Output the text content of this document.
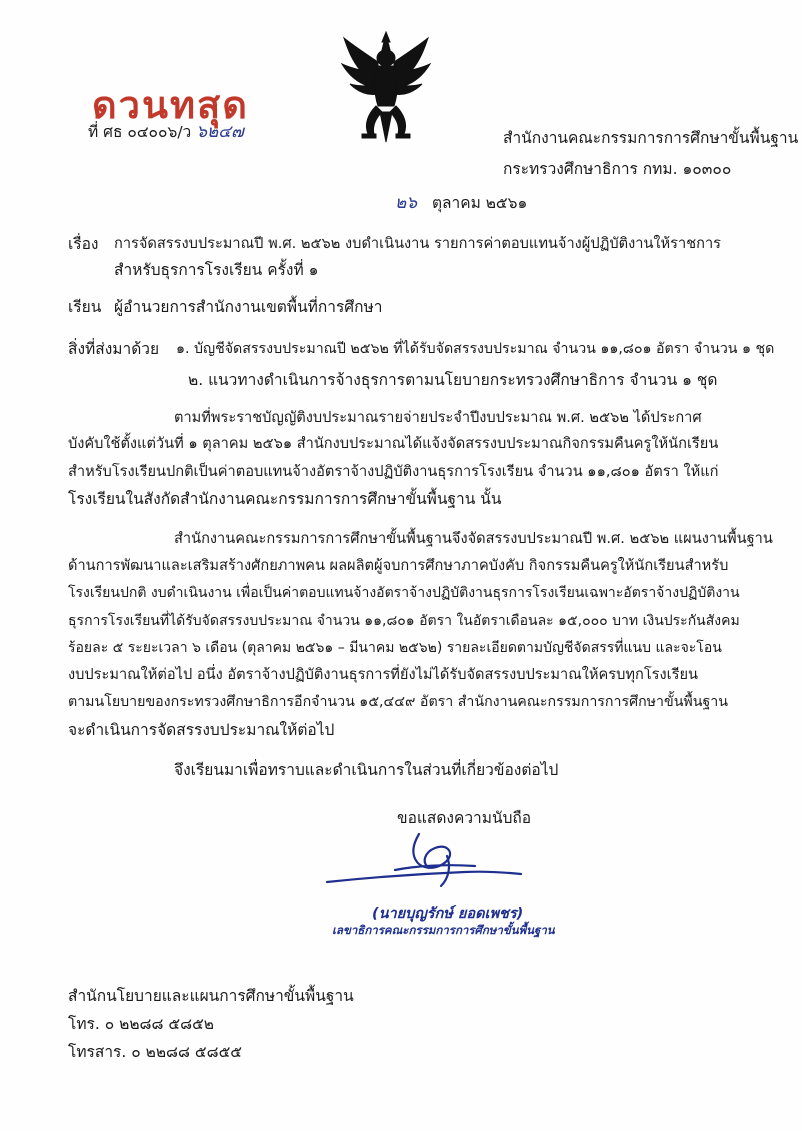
ดวนทสุด
ที่ ศธ ๐๔๐๐๖/ว ๖๒๔๗	สำนักงานคณะกรรมการการศึกษาขั้นพื้นฐาน
กระทรวงศึกษาธิการ กทม. ๑๐๓๐๐
๒๖ ตุลาคม ๒๕๖๑
เรื่อง การจัดสรรงบประมาณปี พ.ศ. ๒๕๖๒ งบดำเนินงาน รายการค่าตอบแทนจ้างผู้ปฏิบัติงานให้ราชการ
สำหรับธุรการโรงเรียน ครั้งที่ ๑
เรียน ผู้อำนวยการสำนักงานเขตพื้นที่การศึกษา
สิ่งที่ส่งมาด้วย ๑. บัญชีจัดสรรงบประมาณปี ๒๕๖๒ ที่ได้รับจัดสรรงบประมาณ จำนวน ๑๑,๘๐๑ อัตรา จำนวน ๑ ชุด
๒. แนวทางดำเนินการจ้างธุรการตามนโยบายกระทรวงศึกษาธิการ จำนวน ๑ ชุด
ตามที่พระราชบัญญัติงบประมาณรายจ่ายประจำปีงบประมาณ พ.ศ. ๒๕๖๒ ได้ประกาศ
บังคับใช้ตั้งแต่วันที่ ๑ ตุลาคม ๒๕๖๑ สำนักงบประมาณได้แจ้งจัดสรรงบประมาณกิจกรรมคืนครูให้นักเรียน
สำหรับโรงเรียนปกติเป็นค่าตอบแทนจ้างอัตราจ้างปฏิบัติงานธุรการโรงเรียน จำนวน ๑๑,๘๐๑ อัตรา ให้แก่
โรงเรียนในสังกัดสำนักงานคณะกรรมการการศึกษาขั้นพื้นฐาน นั้น
สำนักงานคณะกรรมการการศึกษาขั้นพื้นฐานจึงจัดสรรงบประมาณปี พ.ศ. ๒๕๖๒ แผนงานพื้นฐาน
ด้านการพัฒนาและเสริมสร้างศักยภาพคน ผลผลิตผู้จบการศึกษาภาคบังคับ กิจกรรมคืนครูให้นักเรียนสำหรับ
โรงเรียนปกติ งบดำเนินงาน เพื่อเป็นค่าตอบแทนจ้างอัตราจ้างปฏิบัติงานธุรการโรงเรียนเฉพาะอัตราจ้างปฏิบัติงาน
ธุรการโรงเรียนที่ได้รับจัดสรรงบประมาณ จำนวน ๑๑,๘๐๑ อัตรา ในอัตราเดือนละ ๑๕,๐๐๐ บาท เงินประกันสังคม
ร้อยละ ๕ ระยะเวลา ๖ เดือน (ตุลาคม ๒๕๖๑ – มีนาคม ๒๕๖๒) รายละเอียดตามบัญชีจัดสรรที่แนบ และจะโอน
งบประมาณให้ต่อไป อนึ่ง อัตราจ้างปฏิบัติงานธุรการที่ยังไม่ได้รับจัดสรรงบประมาณให้ครบทุกโรงเรียน
ตามนโยบายของกระทรวงศึกษาธิการอีกจำนวน ๑๕,๔๔๙ อัตรา สำนักงานคณะกรรมการการศึกษาขั้นพื้นฐาน
จะดำเนินการจัดสรรงบประมาณให้ต่อไป
จึงเรียนมาเพื่อทราบและดำเนินการในส่วนที่เกี่ยวข้องต่อไป
ขอแสดงความนับถือ
(นายบุญรักษ์ ยอดเพชร)
เลขาธิการคณะกรรมการการศึกษาขั้นพื้นฐาน
สำนักนโยบายและแผนการศึกษาขั้นพื้นฐาน
โทร. ๐ ๒๒๘๘ ๕๘๕๒
โทรสาร. ๐ ๒๒๘๘ ๕๘๕๕
